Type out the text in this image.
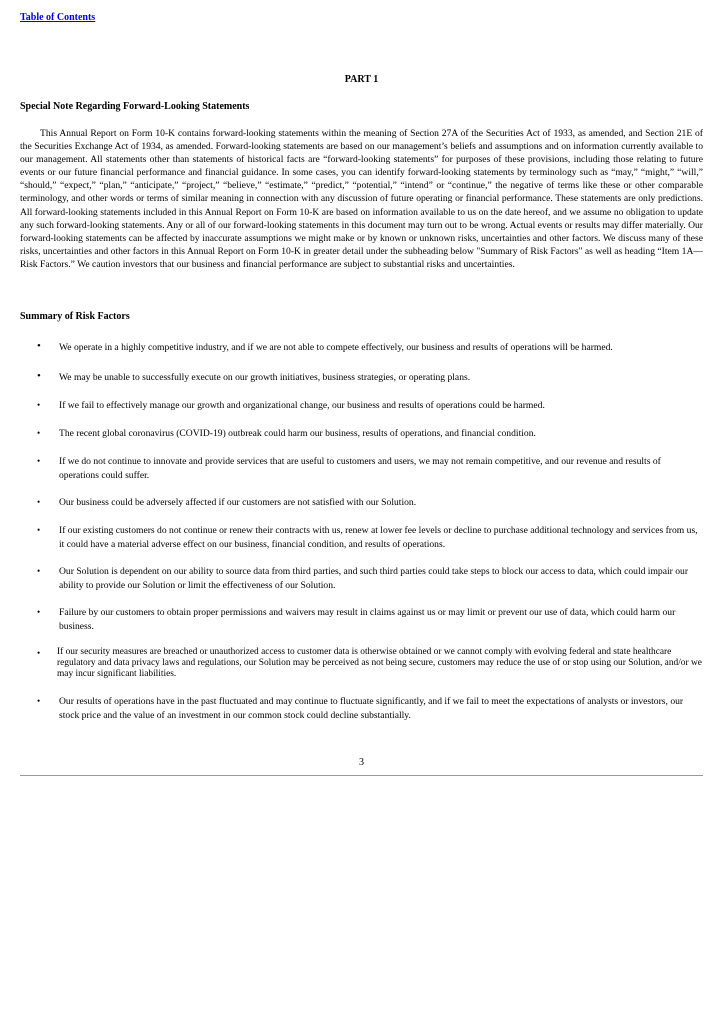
Table of Contents
PART 1
Special Note Regarding Forward-Looking Statements

This Annual Report on Form 10-K contains forward-looking statements within the meaning of Section 27A of the Securities Act of 1933, as amended, and Section 21E of the Securities Exchange Act of 1934, as amended. Forward-looking statements are based on our management’s beliefs and assumptions and on information currently available to our management. All statements other than statements of historical facts are “forward-looking statements” for purposes of these provisions, including those relating to future events or our future financial performance and financial guidance. In some cases, you can identify forward-looking statements by terminology such as “may,” “might,” “will,” “should,” “expect,” “plan,” “anticipate,” “project,” “believe,” “estimate,” “predict,” “potential,” “intend” or “continue,” the negative of terms like these or other comparable terminology, and other words or terms of similar meaning in connection with any discussion of future operating or financial performance. These statements are only predictions. All forward-looking statements included in this Annual Report on Form 10-K are based on information available to us on the date hereof, and we assume no obligation to update any such forward-looking statements. Any or all of our forward-looking statements in this document may turn out to be wrong. Actual events or results may differ materially. Our forward-looking statements can be affected by inaccurate assumptions we might make or by known or unknown risks, uncertainties and other factors. We discuss many of these risks, uncertainties and other factors in this Annual Report on Form 10-K in greater detail under the subheading below "Summary of Risk Factors" as well as heading “Item 1A—Risk Factors.” We caution investors that our business and financial performance are subject to substantial risks and uncertainties.

Summary of Risk Factors
• We operate in a highly competitive industry, and if we are not able to compete effectively, our business and results of operations will be harmed.
• We may be unable to successfully execute on our growth initiatives, business strategies, or operating plans.
• If we fail to effectively manage our growth and organizational change, our business and results of operations could be harmed.
• The recent global coronavirus (COVID-19) outbreak could harm our business, results of operations, and financial condition.
• If we do not continue to innovate and provide services that are useful to customers and users, we may not remain competitive, and our revenue and results of operations could suffer.
• Our business could be adversely affected if our customers are not satisfied with our Solution.
• If our existing customers do not continue or renew their contracts with us, renew at lower fee levels or decline to purchase additional technology and services from us, it could have a material adverse effect on our business, financial condition, and results of operations.
• Our Solution is dependent on our ability to source data from third parties, and such third parties could take steps to block our access to data, which could impair our ability to provide our Solution or limit the effectiveness of our Solution.
• Failure by our customers to obtain proper permissions and waivers may result in claims against us or may limit or prevent our use of data, which could harm our business.
• If our security measures are breached or unauthorized access to customer data is otherwise obtained or we cannot comply with evolving federal and state healthcare regulatory and data privacy laws and regulations, our Solution may be perceived as not being secure, customers may reduce the use of or stop using our Solution, and/or we may incur significant liabilities.
• Our results of operations have in the past fluctuated and may continue to fluctuate significantly, and if we fail to meet the expectations of analysts or investors, our stock price and the value of an investment in our common stock could decline substantially.
3
